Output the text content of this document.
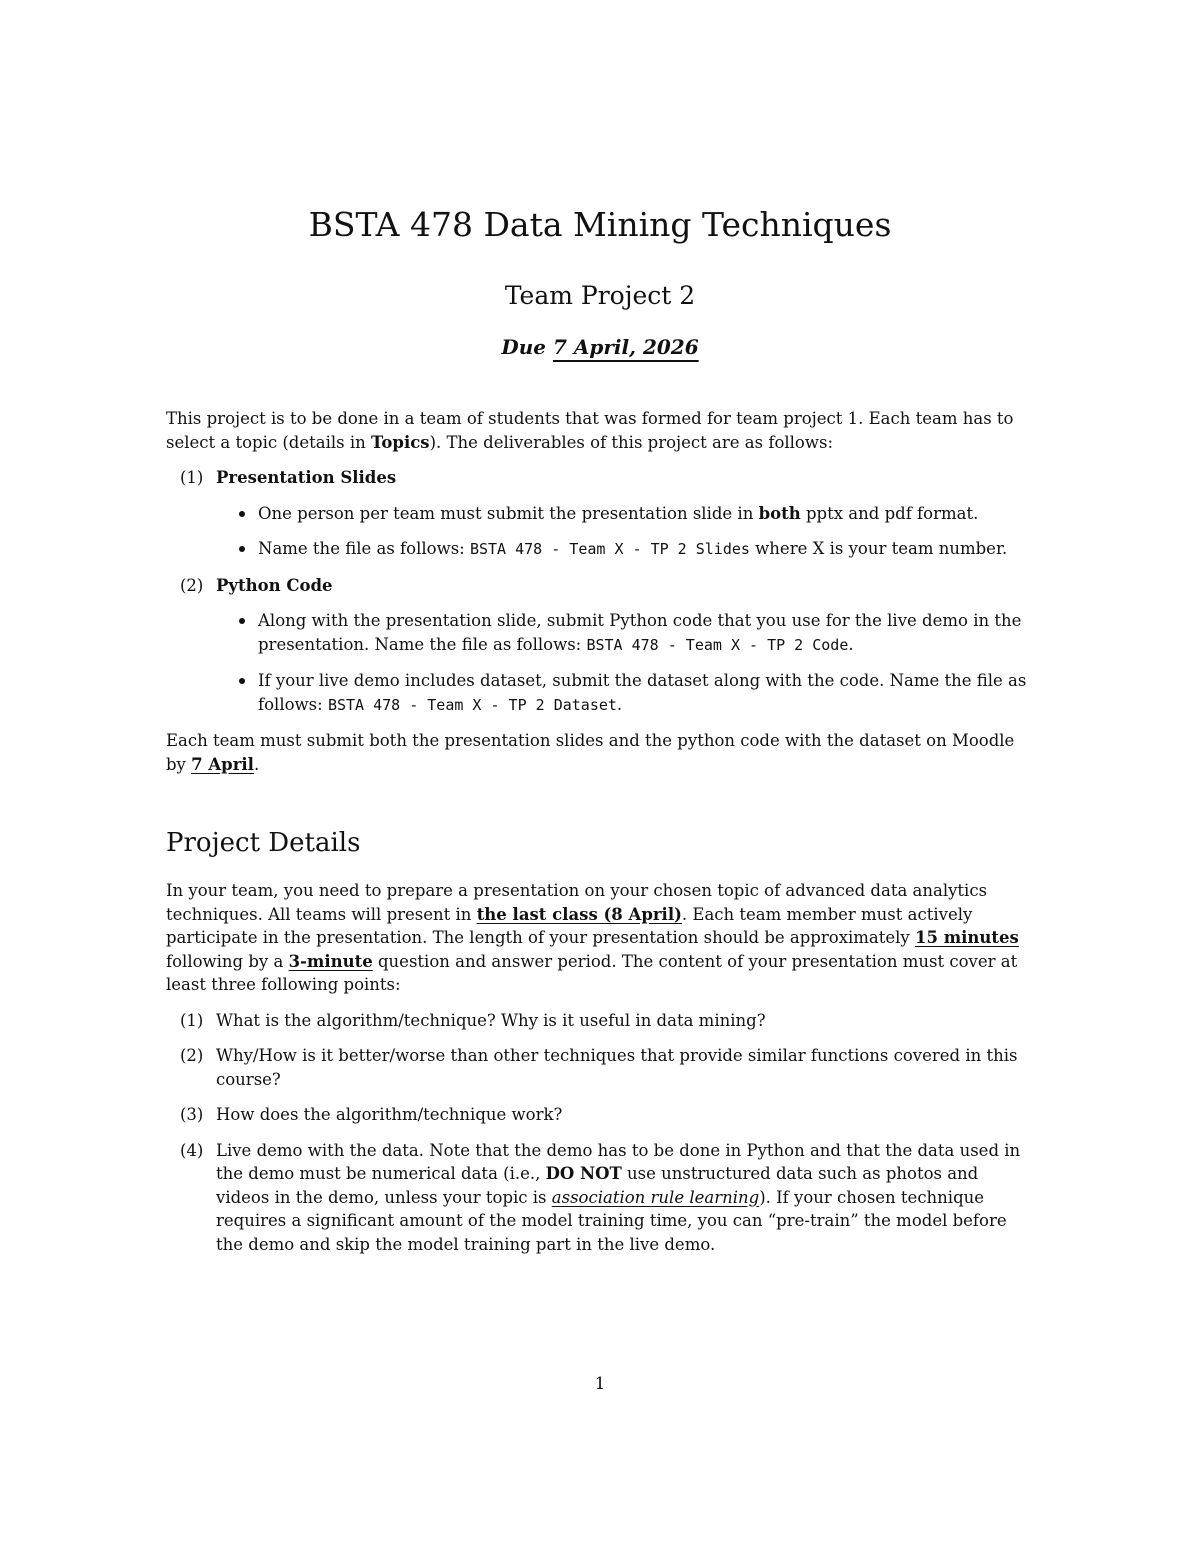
BSTA 478 Data Mining Techniques
Team Project 2
Due 7 April, 2026

This project is to be done in a team of students that was formed for team project 1. Each team has to select a topic (details in Topics). The deliverables of this project are as follows:

(1) Presentation Slides
One person per team must submit the presentation slide in both pptx and pdf format.
Name the file as follows: BSTA 478 - Team X - TP 2 Slides where X is your team number.
(2) Python Code
Along with the presentation slide, submit Python code that you use for the live demo in the presentation. Name the file as follows: BSTA 478 - Team X - TP 2 Code.
If your live demo includes dataset, submit the dataset along with the code. Name the file as follows: BSTA 478 - Team X - TP 2 Dataset.

Each team must submit both the presentation slides and the python code with the dataset on Moodle by 7 April.

Project Details

In your team, you need to prepare a presentation on your chosen topic of advanced data analytics techniques. All teams will present in the last class (8 April). Each team member must actively participate in the presentation. The length of your presentation should be approximately 15 minutes following by a 3-minute question and answer period. The content of your presentation must cover at least three following points:

(1) What is the algorithm/technique? Why is it useful in data mining?
(2) Why/How is it better/worse than other techniques that provide similar functions covered in this course?
(3) How does the algorithm/technique work?
(4) Live demo with the data. Note that the demo has to be done in Python and that the data used in the demo must be numerical data (i.e., DO NOT use unstructured data such as photos and videos in the demo, unless your topic is association rule learning). If your chosen technique requires a significant amount of the model training time, you can “pre-train” the model before the demo and skip the model training part in the live demo.
1
